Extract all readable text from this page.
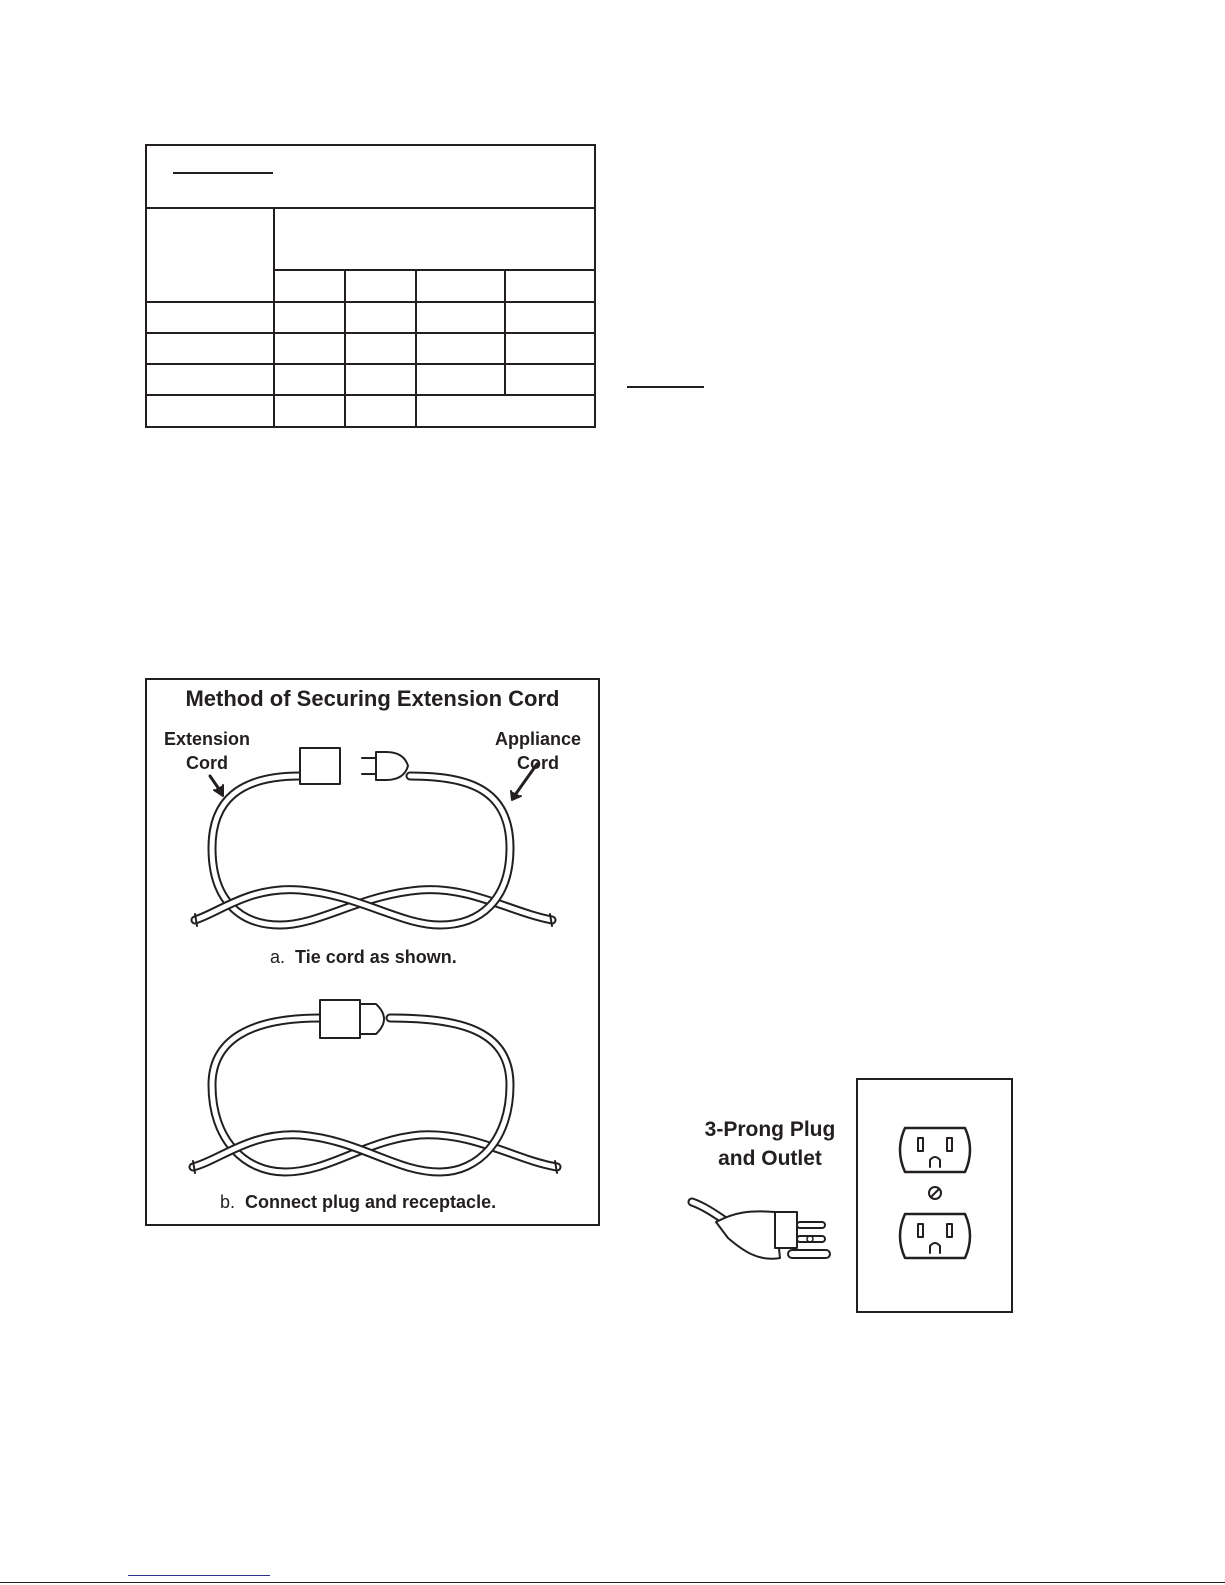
Method of Securing Extension Cord
Extension
Cord
Appliance
Cord
a. Tie cord as shown.
b. Connect plug and receptacle.
3-Prong Plug
and Outlet
